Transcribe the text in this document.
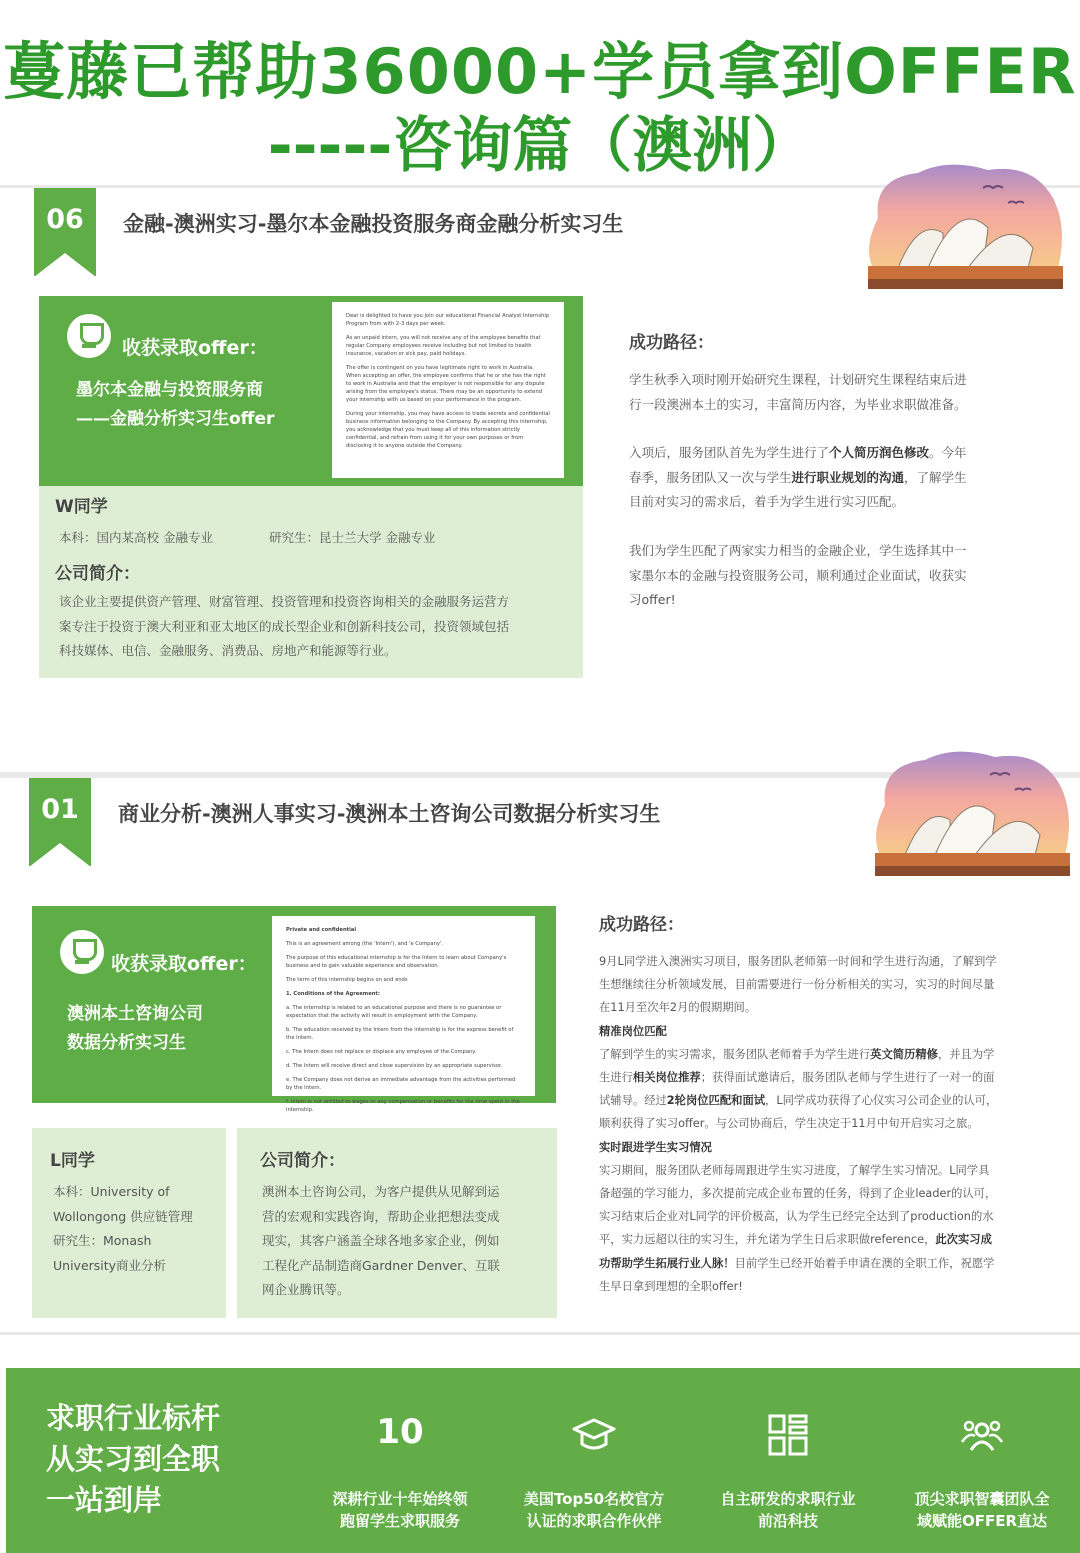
蔓藤已帮助36000+学员拿到OFFER
-----咨询篇（澳洲）
06	金融-澳洲实习-墨尔本金融投资服务商金融分析实习生
收获录取offer：
墨尔本金融与投资服务商
——金融分析实习生offer

Dear is delighted to have you join our educational Financial Analyst Internship Program from with 2-3 days per week.

As an unpaid intern, you will not receive any of the employee benefits that regular Company employees receive including but not limited to health insurance, vacation or sick pay, paid holidays.

The offer is contingent on you have legitimate right to work in Australia. When accepting an offer, the employee confirms that he or she has the right to work in Australia and that the employer is not responsible for any dispute arising from the employee's status. There may be an opportunity to extend your internship with us based on your performance in the program.

During your internship, you may have access to trade secrets and confidential business information belonging to the Company. By accepting this internship, you acknowledge that you must keep all of this information strictly confidential, and refrain from using it for your own purposes or from disclosing it to anyone outside the Company.

W同学
本科：国内某高校 金融专业	研究生：昆士兰大学 金融专业
公司简介：
该企业主要提供资产管理、财富管理、投资管理和投资咨询相关的金融服务运营方
案专注于投资于澳大利亚和亚太地区的成长型企业和创新科技公司，投资领域包括
科技媒体、电信、金融服务、消费品、房地产和能源等行业。
成功路径：
学生秋季入项时刚开始研究生课程，计划研究生课程结束后进
行一段澳洲本土的实习，丰富简历内容，为毕业求职做准备。
入项后，服务团队首先为学生进行了个人简历润色修改。今年
春季，服务团队又一次与学生进行职业规划的沟通，了解学生
目前对实习的需求后，着手为学生进行实习匹配。
我们为学生匹配了两家实力相当的金融企业，学生选择其中一
家墨尔本的金融与投资服务公司，顺利通过企业面试，收获实
习offer!
01	商业分析-澳洲人事实习-澳洲本土咨询公司数据分析实习生
收获录取offer：
澳洲本土咨询公司
数据分析实习生

Private and confidential

This is an agreement among (the 'Intern'), and 'e Company'.

The purpose of this educational internship is for the Intern to learn about Company's business and to gain valuable experience and observation.

The term of this internship begins on and ends

1. Conditions of the Agreement:

a. The internship is related to an educational purpose and there is no guarantee or expectation that the activity will result in employment with the Company.

b. The education received by the Intern from the internship is for the express benefit of the Intern.

c. The Intern does not replace or displace any employee of the Company.

d. The Intern will receive direct and close supervision by an appropriate supervisor.

e. The Company does not derive an immediate advantage from the activities performed by the Intern.

f. Intern is not entitled to wages or any compensation or benefits for the time spent in the internship.

L同学
本科：University of
Wollongong 供应链管理
研究生：Monash
University商业分析
公司简介：
澳洲本土咨询公司，为客户提供从见解到运
营的宏观和实践咨询，帮助企业把想法变成
现实，其客户涵盖全球各地多家企业，例如
工程化产品制造商Gardner Denver、互联
网企业腾讯等。
成功路径：
9月L同学进入澳洲实习项目，服务团队老师第一时间和学生进行沟通，了解到学
生想继续往分析领域发展，目前需要进行一份分析相关的实习，实习的时间尽量
在11月至次年2月的假期期间。
精准岗位匹配
了解到学生的实习需求，服务团队老师着手为学生进行英文简历精修，并且为学
生进行相关岗位推荐；获得面试邀请后，服务团队老师与学生进行了一对一的面
试辅导。经过2轮岗位匹配和面试，L同学成功获得了心仪实习公司企业的认可，
顺利获得了实习offer。与公司协商后，学生决定于11月中旬开启实习之旅。
实时跟进学生实习情况
实习期间，服务团队老师每周跟进学生实习进度，了解学生实习情况。L同学具
备超强的学习能力，多次提前完成企业布置的任务，得到了企业leader的认可，
实习结束后企业对L同学的评价极高，认为学生已经完全达到了production的水
平，实力远超以往的实习生，并允诺为学生日后求职做reference，此次实习成
功帮助学生拓展行业人脉！目前学生已经开始着手申请在澳的全职工作，祝愿学
生早日拿到理想的全职offer!
求职行业标杆
从实习到全职
一站到岸
10
深耕行业十年始终领
跑留学生求职服务
美国Top50名校官方
认证的求职合作伙伴
自主研发的求职行业
前沿科技
顶尖求职智囊团队全
域赋能OFFER直达
